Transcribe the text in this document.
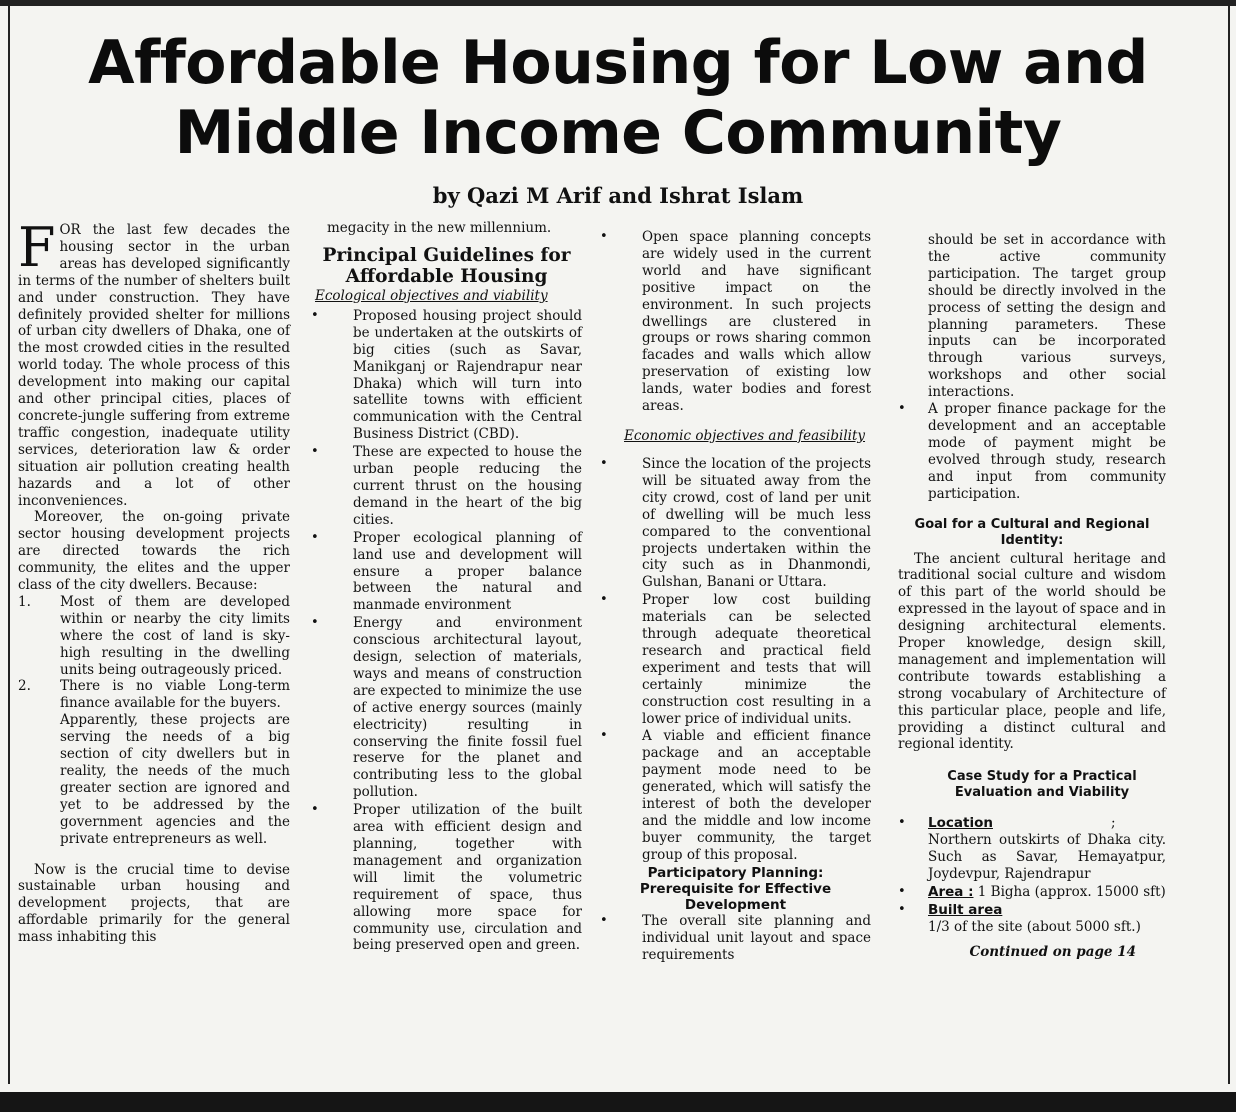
Affordable Housing for Low and
Middle Income Community
by Qazi M Arif and Ishrat Islam

FOR the last few decades the housing sector in the urban areas has developed significantly in terms of the number of shelters built and under construction. They have definitely provided shelter for millions of urban city dwellers of Dhaka, one of the most crowded cities in the resulted world today. The whole process of this development into making our capital and other principal cities, places of concrete-jungle suffering from extreme traffic congestion, inadequate utility services, deterioration law & order situation air pollution creating health hazards and a lot of other inconveniences.

Moreover, the on-going private sector housing development projects are directed towards the rich community, the elites and the upper class of the city dwellers. Because:

1. Most of them are developed within or nearby the city limits where the cost of land is sky-high resulting in the dwelling units being outrageously priced.
2. There is no viable Long-term finance available for the buyers.
Apparently, these projects are serving the needs of a big section of city dwellers but in reality, the needs of the much greater section are ignored and yet to be addressed by the government agencies and the private entrepreneurs as well.

Now is the crucial time to devise sustainable urban housing and development projects, that are affordable primarily for the general mass inhabiting this

megacity in the new millennium.

Principal Guidelines for Affordable Housing
Ecological objectives and viability
•	Proposed housing project should be undertaken at the outskirts of big cities (such as Savar, Manikganj or Rajendrapur near Dhaka) which will turn into satellite towns with efficient communication with the Central Business District (CBD).
•	These are expected to house the urban people reducing the current thrust on the housing demand in the heart of the big cities.
•	Proper ecological planning of land use and development will ensure a proper balance between the natural and manmade environment
•	Energy and environment conscious architectural layout, design, selection of materials, ways and means of construction are expected to minimize the use of active energy sources (mainly electricity) resulting in conserving the finite fossil fuel reserve for the planet and contributing less to the global pollution.
•	Proper utilization of the built area with efficient design and planning, together with management and organization will limit the volumetric requirement of space, thus allowing more space for community use, circulation and being preserved open and green.
•	Open space planning concepts are widely used in the current world and have significant positive impact on the environment. In such projects dwellings are clustered in groups or rows sharing common facades and walls which allow preservation of existing low lands, water bodies and forest areas.
Economic objectives and feasibility
•	Since the location of the projects will be situated away from the city crowd, cost of land per unit of dwelling will be much less compared to the conventional projects undertaken within the city such as in Dhanmondi, Gulshan, Banani or Uttara.
•	Proper low cost building materials can be selected through adequate theoretical research and practical field experiment and tests that will certainly minimize the construction cost resulting in a lower price of individual units.
•	A viable and efficient finance package and an acceptable payment mode need to be generated, which will satisfy the interest of both the developer and the middle and low income buyer community, the target group of this proposal.
Participatory Planning: Prerequisite for Effective Development
•	The overall site planning and individual unit layout and space requirements

should be set in accordance with the active community participation. The target group should be directly involved in the process of setting the design and planning parameters. These inputs can be incorporated through various surveys, workshops and other social interactions.

•	A proper finance package for the development and an acceptable mode of payment might be evolved through study, research and input from community participation.
Goal for a Cultural and Regional Identity:

The ancient cultural heritage and traditional social culture and wisdom of this part of the world should be expressed in the layout of space and in designing architectural elements. Proper knowledge, design skill, management and implementation will contribute towards establishing a strong vocabulary of Architecture of this particular place, people and life, providing a distinct cultural and regional identity.

Case Study for a Practical Evaluation and Viability
•	Location	;
Northern outskirts of Dhaka city. Such as Savar, Hemayatpur, Joydevpur, Rajendrapur
•	Area : 1 Bigha (approx. 15000 sft)
•	Built area
1/3 of the site (about 5000 sft.)
Continued on page 14
